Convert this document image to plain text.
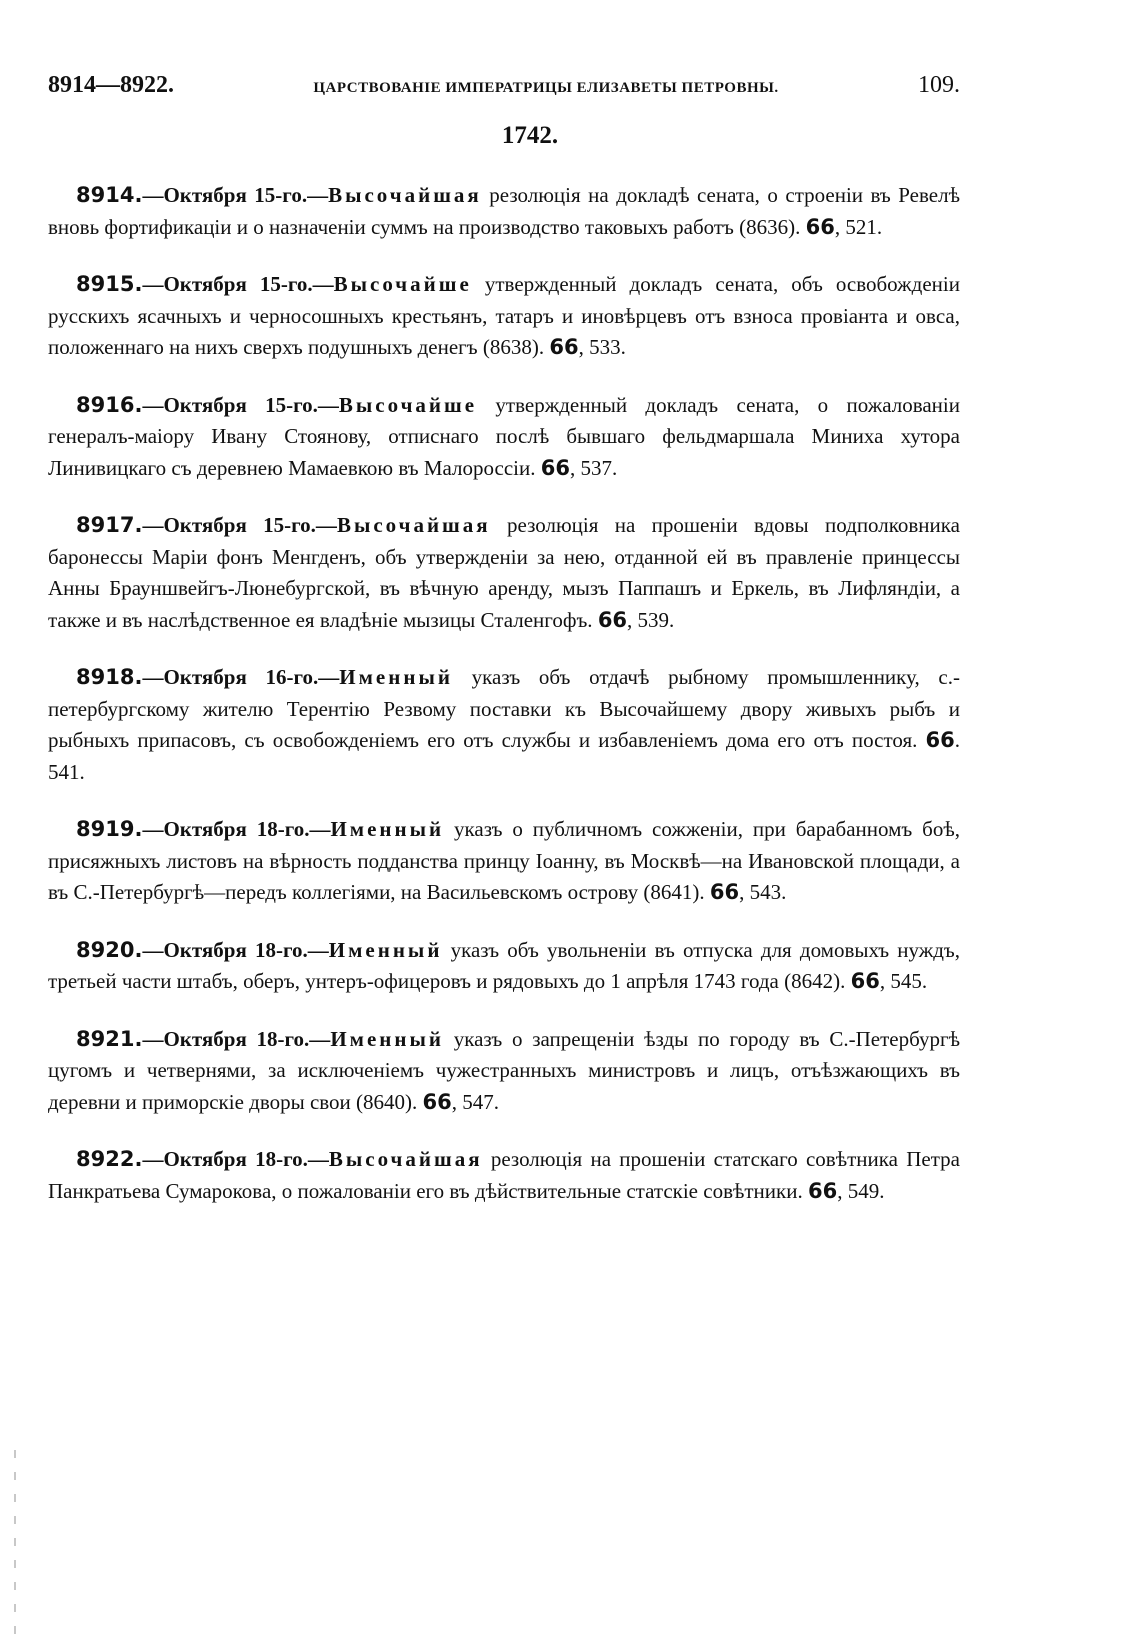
8914—8922.	ЦАРСТВОВАНІЕ ИМПЕРАТРИЦЫ ЕЛИЗАВЕТЫ ПЕТРОВНЫ.	109.
1742.

8914.—Октября 15-го.—Высочайшая резолюція на докладѣ сената, о строеніи въ Ревелѣ вновь фортификаціи и о назначеніи суммъ на производство таковыхъ работъ (8636). 66, 521.

8915.—Октября 15-го.—Высочайше утвержденный докладъ сената, объ освобожденіи русскихъ ясачныхъ и черносошныхъ крестьянъ, татаръ и иновѣрцевъ отъ взноса провіанта и овса, положеннаго на нихъ сверхъ подушныхъ денегъ (8638). 66, 533.

8916.—Октября 15-го.—Высочайше утвержденный докладъ сената, о пожалованіи генералъ-маіору Ивану Стоянову, отписнаго послѣ бывшаго фельдмаршала Миниха хутора Линивицкаго съ деревнею Мамаевкою въ Малороссіи. 66, 537.

8917.—Октября 15-го.—Высочайшая резолюція на прошеніи вдовы подполковника баронессы Маріи фонъ Менгденъ, объ утвержденіи за нею, отданной ей въ правленіе принцессы Анны Брауншвейгъ-Люнебургской, въ вѣчную аренду, мызъ Паппашъ и Еркель, въ Лифляндіи, а также и въ наслѣдственное ея владѣніе мызицы Сталенгофъ. 66, 539.

8918.—Октября 16-го.—Именный указъ объ отдачѣ рыбному промышленнику, с.-петербургскому жителю Терентію Резвому поставки къ Высочайшему двору живыхъ рыбъ и рыбныхъ припасовъ, съ освобожденіемъ его отъ службы и избавленіемъ дома его отъ постоя. 66. 541.

8919.—Октября 18-го.—Именный указъ о публичномъ сожженіи, при барабанномъ боѣ, присяжныхъ листовъ на вѣрность подданства принцу Іоанну, въ Москвѣ—на Ивановской площади, а въ С.-Петербургѣ—передъ коллегіями, на Васильевскомъ острову (8641). 66, 543.

8920.—Октября 18-го.—Именный указъ объ увольненіи въ отпуска для домовыхъ нуждъ, третьей части штабъ, оберъ, унтеръ-офицеровъ и рядовыхъ до 1 апрѣля 1743 года (8642). 66, 545.

8921.—Октября 18-го.—Именный указъ о запрещеніи ѣзды по городу въ С.-Петербургѣ цугомъ и четвернями, за исключеніемъ чужестранныхъ министровъ и лицъ, отъѣзжающихъ въ деревни и приморскіе дворы свои (8640). 66, 547.

8922.—Октября 18-го.—Высочайшая резолюція на прошеніи статскаго совѣтника Петра Панкратьева Сумарокова, о пожалованіи его въ дѣйствительные статскіе совѣтники. 66, 549.
